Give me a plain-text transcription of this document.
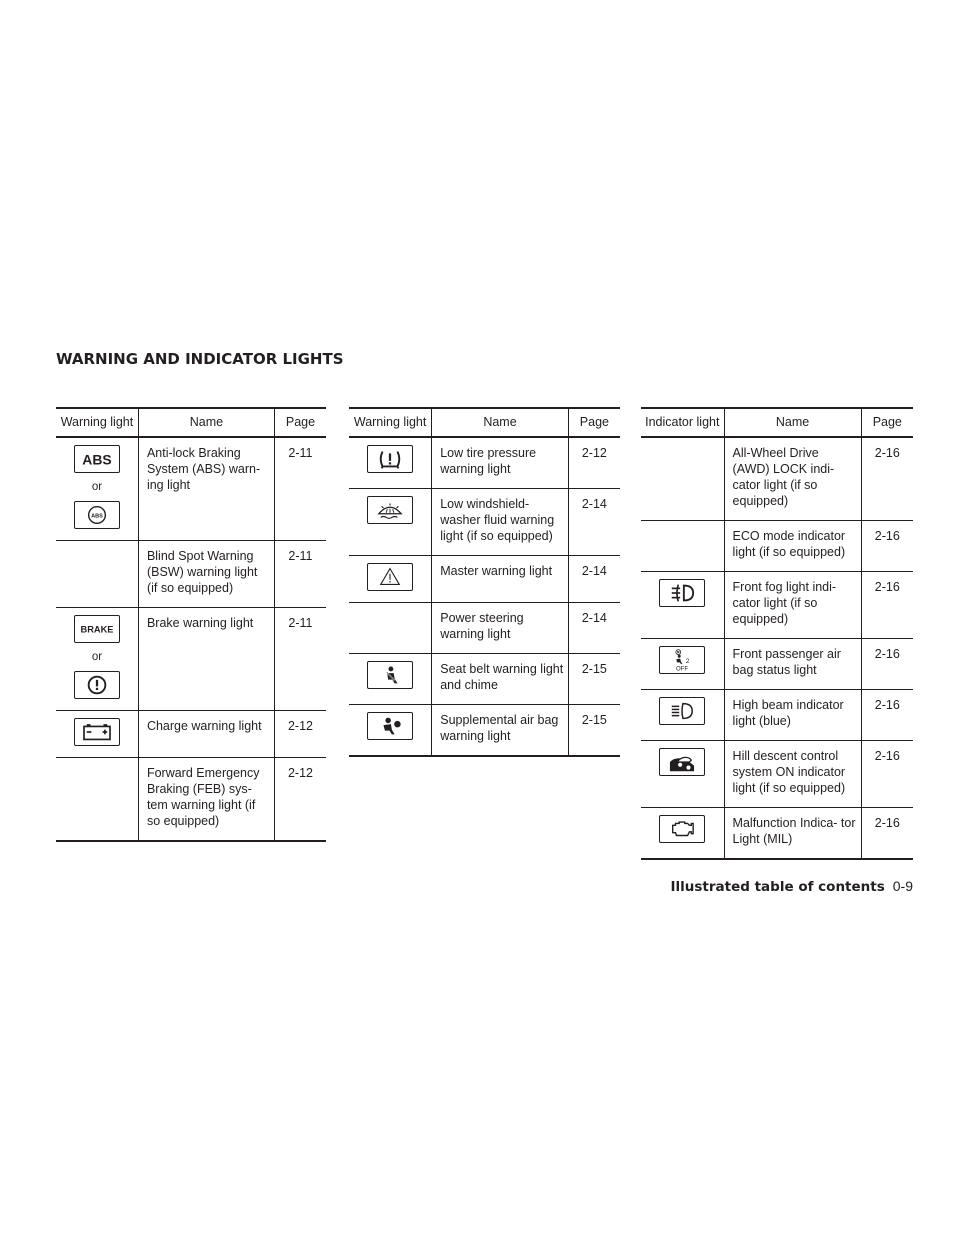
WARNING AND INDICATOR LIGHTS
Warning light	Name	Page

ABS
or
ABS	Anti-lock Braking System (ABS) warn- ing light	2-11
	Blind Spot Warning (BSW) warning light (if so equipped)	2-11

BRAKE
or	Brake warning light	2-11

	Charge warning light	2-12
	Forward Emergency Braking (FEB) sys- tem warning light (if so equipped)	2-12
Warning light	Name	Page

	Low tire pressure warning light	2-12

	Low windshield- washer fluid warning light (if so equipped)	2-14

	Master warning light	2-14
	Power steering warning light	2-14

	Seat belt warning light and chime	2-15

	Supplemental air bag warning light	2-15
Indicator light	Name	Page
	All-Wheel Drive (AWD) LOCK indi- cator light (if so equipped)	2-16
	ECO mode indicator light (if so equipped)	2-16

	Front fog light indi- cator light (if so equipped)	2-16

2
OFF	Front passenger air bag status light	2-16

	High beam indicator light (blue)	2-16

	Hill descent control system ON indicator light (if so equipped)	2-16

	Malfunction Indica- tor Light (MIL)	2-16
Illustrated table of contents 0-9
